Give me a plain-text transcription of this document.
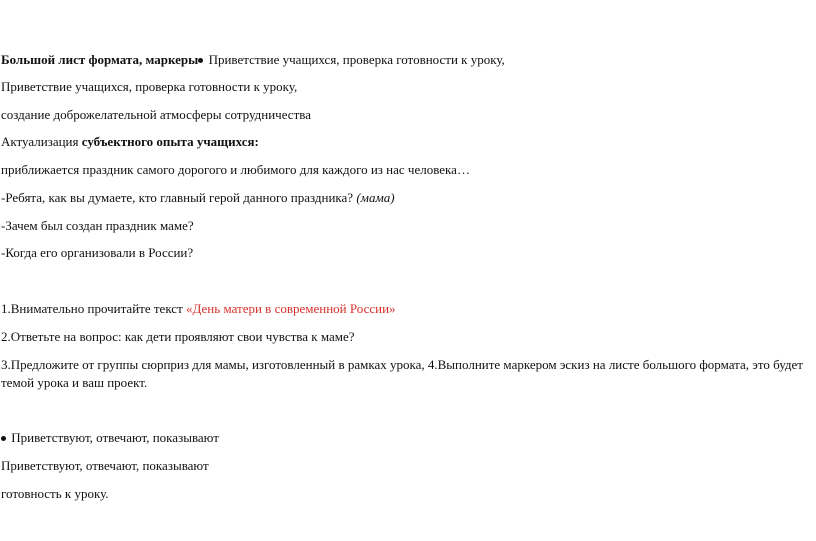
Большой лист формата, маркеры Приветствие учащихся, проверка готовности к уроку,
Приветствие учащихся, проверка готовности к уроку,
создание доброжелательной атмосферы сотрудничества
Актуализация субъектного опыта учащихся:
приближается праздник самого дорогого и любимого для каждого из нас человека…
-Ребята, как вы думаете, кто главный герой данного праздника? (мама)
-Зачем был создан праздник маме?
-Когда его организовали в России?
1.Внимательно прочитайте текст «День матери в современной России»
2.Ответьте на вопрос: как дети проявляют свои чувства к маме?
3.Предложите от группы сюрприз для мамы, изготовленный в рамках урока, 4.Выполните маркером эскиз на листе большого формата, это будет
темой урока и ваш проект.
Приветствуют, отвечают, показывают
Приветствуют, отвечают, показывают
готовность к уроку.
